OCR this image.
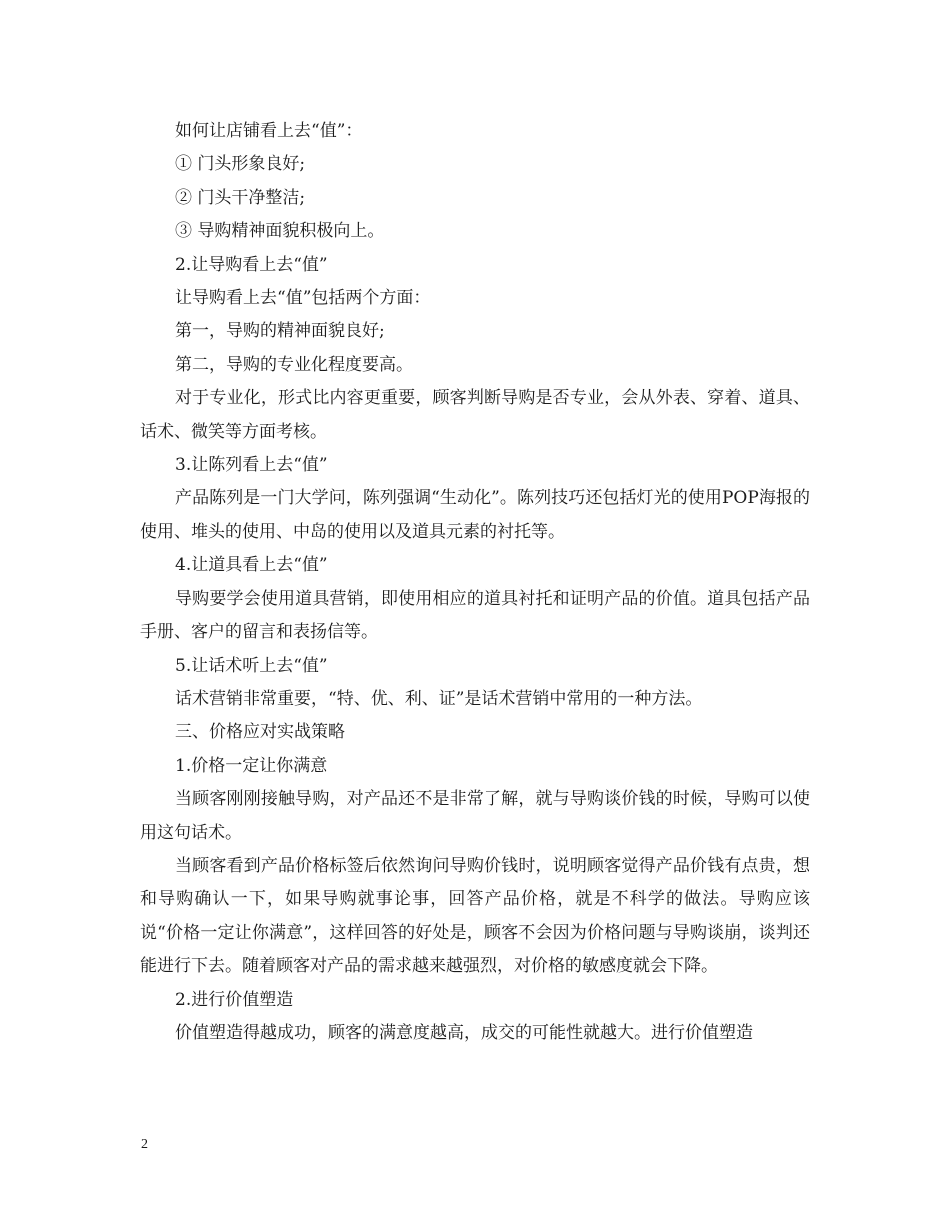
如何让店铺看上去“值”：

① 门头形象良好;

② 门头干净整洁;

③ 导购精神面貌积极向上。

2.让导购看上去“值”

让导购看上去“值”包括两个方面：

第一，导购的精神面貌良好;

第二，导购的专业化程度要高。

对于专业化，形式比内容更重要，顾客判断导购是否专业，会从外表、穿着、道具、话术、微笑等方面考核。

3.让陈列看上去“值”

产品陈列是一门大学问，陈列强调“生动化”。陈列技巧还包括灯光的使用POP海报的使用、堆头的使用、中岛的使用以及道具元素的衬托等。

4.让道具看上去“值”

导购要学会使用道具营销，即使用相应的道具衬托和证明产品的价值。道具包括产品手册、客户的留言和表扬信等。

5.让话术听上去“值”

话术营销非常重要，“特、优、利、证”是话术营销中常用的一种方法。

三、价格应对实战策略

1.价格一定让你满意

当顾客刚刚接触导购，对产品还不是非常了解，就与导购谈价钱的时候，导购可以使用这句话术。

当顾客看到产品价格标签后依然询问导购价钱时，说明顾客觉得产品价钱有点贵，想和导购确认一下，如果导购就事论事，回答产品价格，就是不科学的做法。导购应该说“价格一定让你满意”，这样回答的好处是，顾客不会因为价格问题与导购谈崩，谈判还能进行下去。随着顾客对产品的需求越来越强烈，对价格的敏感度就会下降。

2.进行价值塑造

价值塑造得越成功，顾客的满意度越高，成交的可能性就越大。进行价值塑造

2
